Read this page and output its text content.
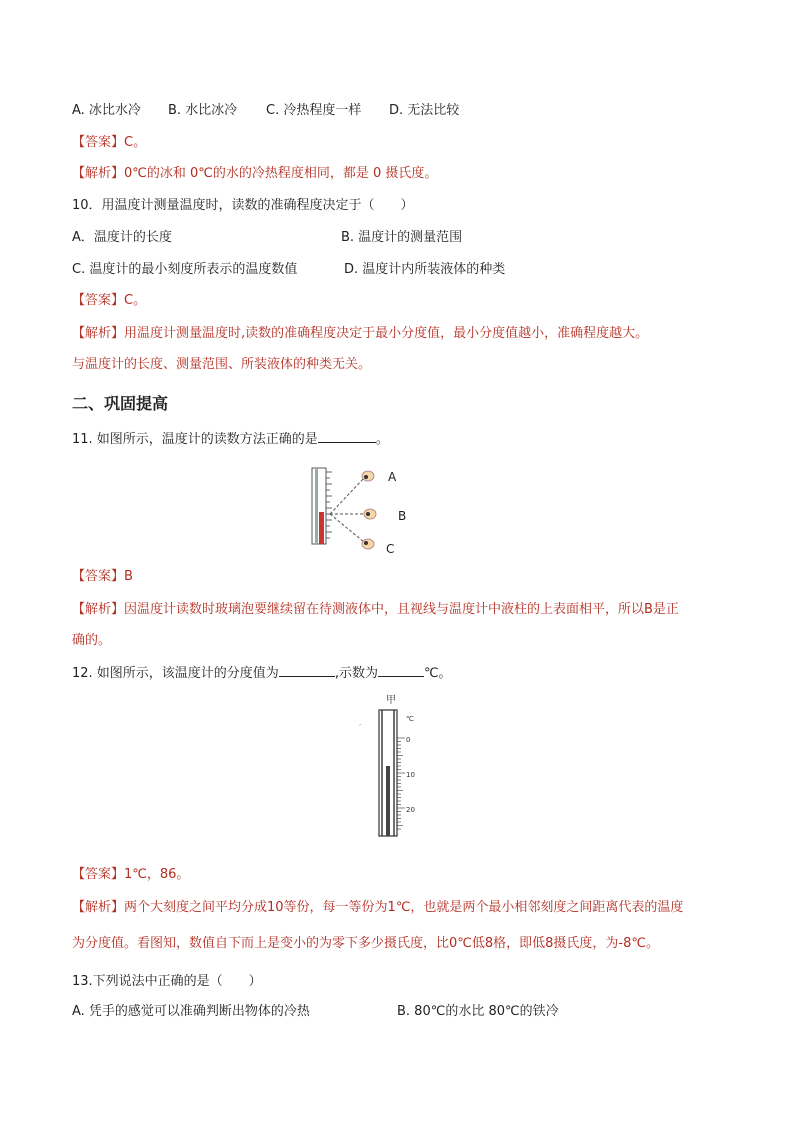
A. 冰比水冷 B. 水比冰冷 C. 冷热程度一样 D. 无法比较
【答案】C。
【解析】0℃的冰和 0℃的水的冷热程度相同，都是 0 摄氏度。
10．用温度计测量温度时，读数的准确程度决定于（　　）
A．温度计的长度	B. 温度计的测量范围
C. 温度计的最小刻度所表示的温度数值	D. 温度计内所装液体的种类
【答案】C。
【解析】用温度计测量温度时,读数的准确程度决定于最小分度值，最小分度值越小，准确程度越大。
与温度计的长度、测量范围、所装液体的种类无关。
二、巩固提高
11. 如图所示，温度计的读数方法正确的是	。
A
B
C
【答案】B
【解析】因温度计读数时玻璃泡要继续留在待测液体中，且视线与温度计中液柱的上表面相平，所以B是正
确的。
12. 如图所示，该温度计的分度值为	,示数为	℃。
甲
℃
ˊ
0
10
20
【答案】1℃，86。
【解析】两个大刻度之间平均分成10等份，每一等份为1℃，也就是两个最小相邻刻度之间距离代表的温度
为分度值。看图知，数值自下而上是变小的为零下多少摄氏度，比0℃低8格，即低8摄氏度，为-8℃。
13.下列说法中正确的是（　　）
A. 凭手的感觉可以准确判断出物体的冷热	B. 80℃的水比 80℃的铁冷
